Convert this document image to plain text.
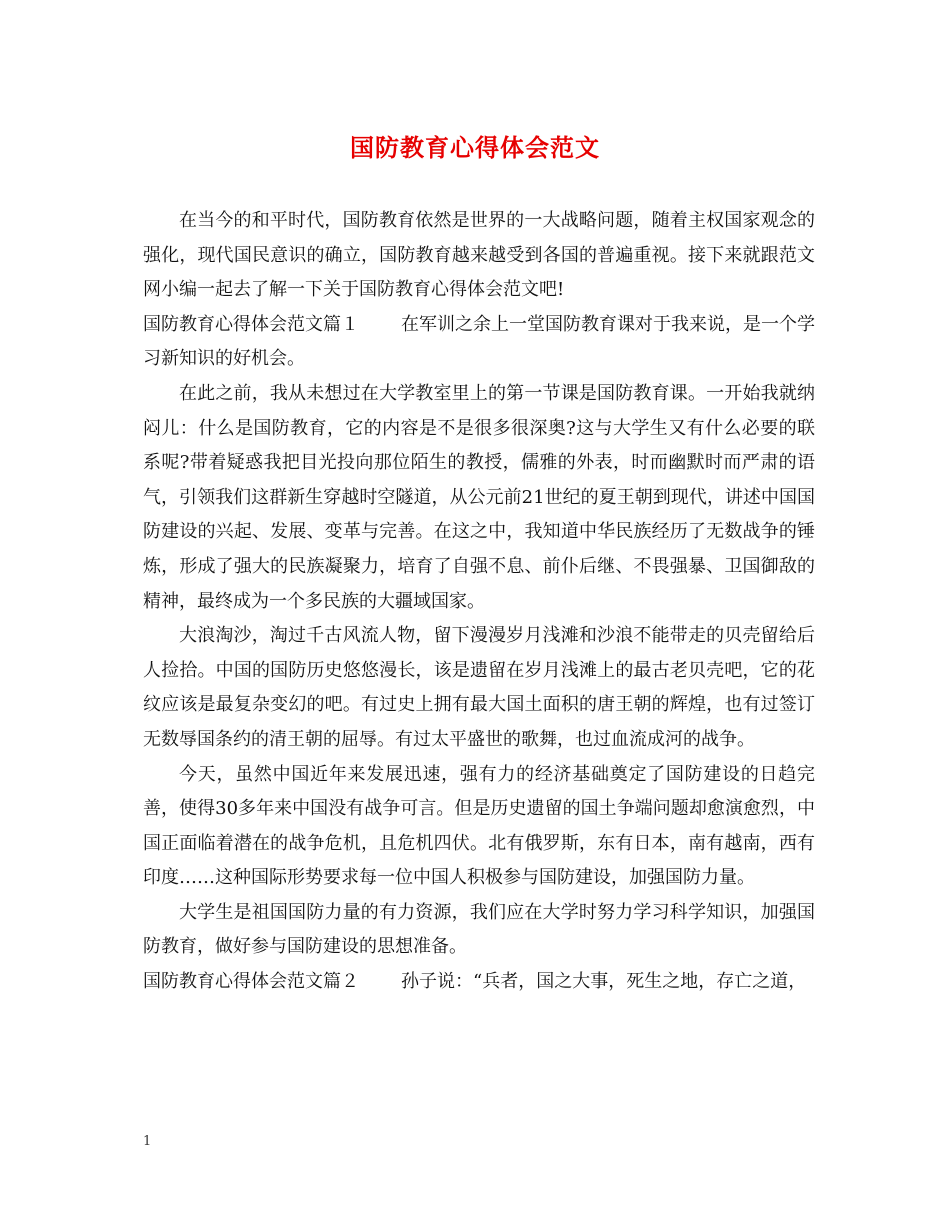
国防教育心得体会范文

在当今的和平时代，国防教育依然是世界的一大战略问题，随着主权国家观念的强化，现代国民意识的确立，国防教育越来越受到各国的普遍重视。接下来就跟范文网小编一起去了解一下关于国防教育心得体会范文吧!

国防教育心得体会范文篇１ 在军训之余上一堂国防教育课对于我来说，是一个学习新知识的好机会。

在此之前，我从未想过在大学教室里上的第一节课是国防教育课。一开始我就纳闷儿：什么是国防教育，它的内容是不是很多很深奥?这与大学生又有什么必要的联系呢?带着疑惑我把目光投向那位陌生的教授，儒雅的外表，时而幽默时而严肃的语气，引领我们这群新生穿越时空隧道，从公元前21世纪的夏王朝到现代，讲述中国国防建设的兴起、发展、变革与完善。在这之中，我知道中华民族经历了无数战争的锤炼，形成了强大的民族凝聚力，培育了自强不息、前仆后继、不畏强暴、卫国御敌的精神，最终成为一个多民族的大疆域国家。

大浪淘沙，淘过千古风流人物，留下漫漫岁月浅滩和沙浪不能带走的贝壳留给后人捡拾。中国的国防历史悠悠漫长，该是遗留在岁月浅滩上的最古老贝壳吧，它的花纹应该是最复杂变幻的吧。有过史上拥有最大国土面积的唐王朝的辉煌，也有过签订无数辱国条约的清王朝的屈辱。有过太平盛世的歌舞，也过血流成河的战争。

今天，虽然中国近年来发展迅速，强有力的经济基础奠定了国防建设的日趋完善，使得30多年来中国没有战争可言。但是历史遗留的国土争端问题却愈演愈烈，中国正面临着潜在的战争危机，且危机四伏。北有俄罗斯，东有日本，南有越南，西有印度……这种国际形势要求每一位中国人积极参与国防建设，加强国防力量。

大学生是祖国国防力量的有力资源，我们应在大学时努力学习科学知识，加强国防教育，做好参与国防建设的思想准备。

国防教育心得体会范文篇２ 孙子说：“兵者，国之大事，死生之地，存亡之道，

1
